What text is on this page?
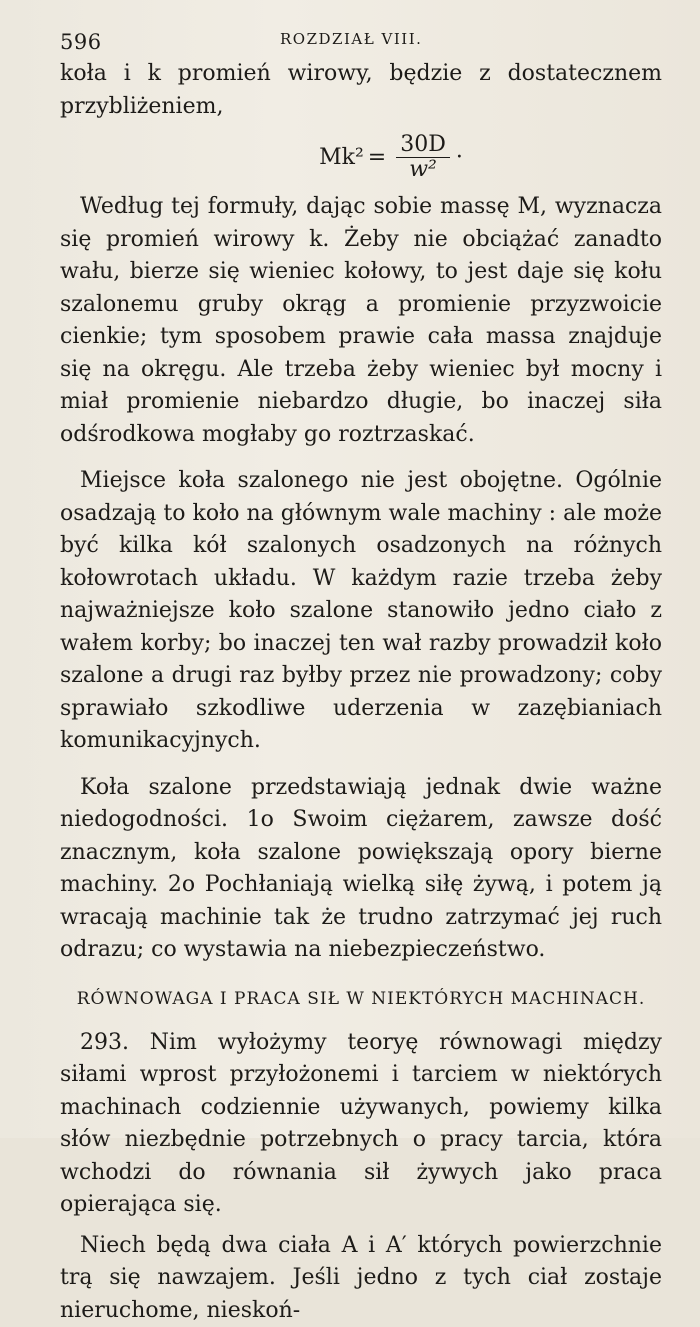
596	ROZDZIAŁ VIII.

koła i k promień wirowy, będzie z dostatecznem przybliżeniem,

$Mk^2 = \frac{30D}{\text{w²}}$ ·

Według tej formuły, dając sobie massę M, wyznacza się promień wirowy k. Żeby nie obciążać zanadto wału, bierze się wieniec kołowy, to jest daje się kołu szalonemu gruby okrąg a promienie przyzwoicie cienkie; tym sposobem prawie cała massa znajduje się na okręgu. Ale trzeba żeby wieniec był mocny i miał promienie niebardzo długie, bo inaczej siła odśrodkowa mogłaby go roztrzaskać.

Miejsce koła szalonego nie jest obojętne. Ogólnie osadzają to koło na głównym wale machiny : ale może być kilka kół szalonych osadzonych na różnych kołowrotach układu. W każdym razie trzeba żeby najważniejsze koło szalone stanowiło jedno ciało z wałem korby; bo inaczej ten wał razby prowadził koło szalone a drugi raz byłby przez nie prowadzony; coby sprawiało szkodliwe uderzenia w zazębianiach komunikacyjnych.

Koła szalone przedstawiają jednak dwie ważne niedogodności. 1o Swoim ciężarem, zawsze dość znacznym, koła szalone powiększają opory bierne machiny. 2o Pochłaniają wielką siłę żywą, i potem ją wracają machinie tak że trudno zatrzymać jej ruch odrazu; co wystawia na niebezpieczeństwo.

RÓWNOWAGA I PRACA SIŁ W NIEKTÓRYCH MACHINACH.

293. Nim wyłożymy teoryę równowagi między siłami wprost przyłożonemi i tarciem w niektórych machinach codziennie używanych, powiemy kilka słów niezbędnie potrzebnych o pracy tarcia, która wchodzi do równania sił żywych jako praca opierająca się.

Niech będą dwa ciała A i A′ których powierzchnie trą się nawzajem. Jeśli jedno z tych ciał zostaje nieruchome, nieskoń-
